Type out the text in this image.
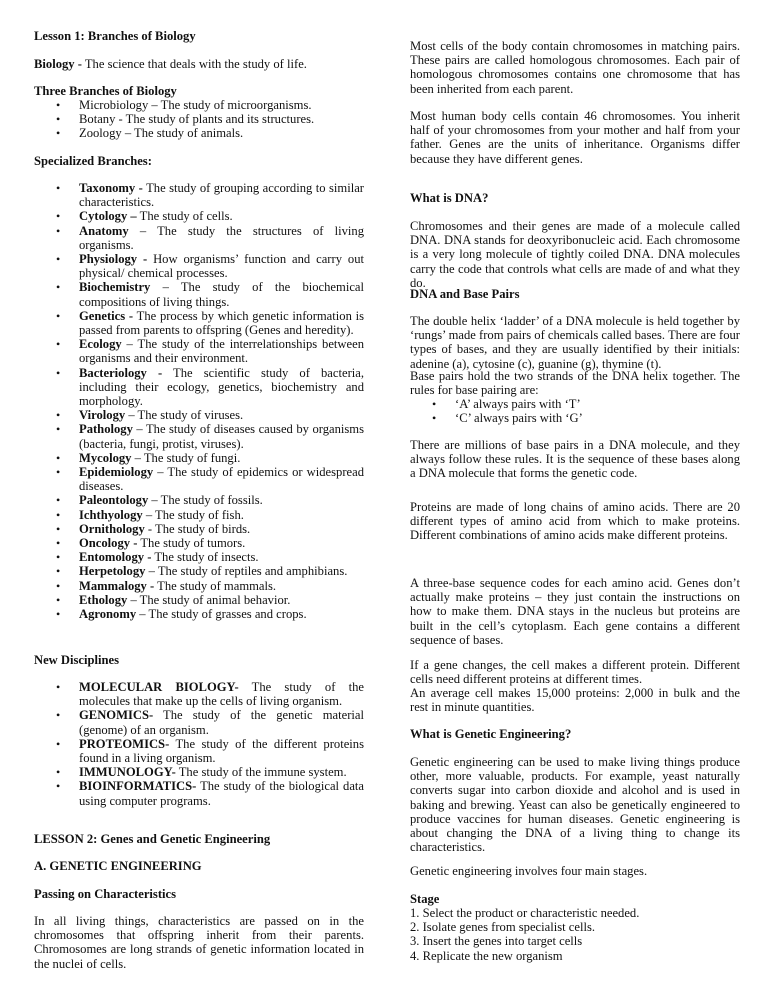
Lesson 1: Branches of Biology

Biology - The science that deals with the study of life.

Three Branches of Biology

• Microbiology – The study of microorganisms.
• Botany - The study of plants and its structures.
• Zoology – The study of animals.

Specialized Branches:

• Taxonomy - The study of grouping according to similar characteristics.
• Cytology – The study of cells.
• Anatomy – The study the structures of living organisms.
• Physiology - How organisms’ function and carry out physical/ chemical processes.
• Biochemistry – The study of the biochemical compositions of living things.
• Genetics - The process by which genetic information is passed from parents to offspring (Genes and heredity).
• Ecology – The study of the interrelationships between organisms and their environment.
• Bacteriology - The scientific study of bacteria, including their ecology, genetics, biochemistry and morphology.
• Virology – The study of viruses.
• Pathology – The study of diseases caused by organisms (bacteria, fungi, protist, viruses).
• Mycology – The study of fungi.
• Epidemiology – The study of epidemics or widespread diseases.
• Paleontology – The study of fossils.
• Ichthyology – The study of fish.
• Ornithology - The study of birds.
• Oncology - The study of tumors.
• Entomology - The study of insects.
• Herpetology – The study of reptiles and amphibians.
• Mammalogy - The study of mammals.
• Ethology – The study of animal behavior.
• Agronomy – The study of grasses and crops.

New Disciplines

• MOLECULAR BIOLOGY- The study of the molecules that make up the cells of living organism.
• GENOMICS- The study of the genetic material (genome) of an organism.
• PROTEOMICS- The study of the different proteins found in a living organism.
• IMMUNOLOGY- The study of the immune system.
• BIOINFORMATICS- The study of the biological data using computer programs.

LESSON 2: Genes and Genetic Engineering

A. GENETIC ENGINEERING

Passing on Characteristics

In all living things, characteristics are passed on in the chromosomes that offspring inherit from their parents. Chromosomes are long strands of genetic information located in the nuclei of cells.

Most cells of the body contain chromosomes in matching pairs. These pairs are called homologous chromosomes. Each pair of homologous chromosomes contains one chromosome that has been inherited from each parent.

Most human body cells contain 46 chromosomes. You inherit half of your chromosomes from your mother and half from your father. Genes are the units of inheritance. Organisms differ because they have different genes.

What is DNA?

Chromosomes and their genes are made of a molecule called DNA. DNA stands for deoxyribonucleic acid. Each chromosome is a very long molecule of tightly coiled DNA. DNA molecules carry the code that controls what cells are made of and what they do.

DNA and Base Pairs

The double helix ‘ladder’ of a DNA molecule is held together by ‘rungs’ made from pairs of chemicals called bases. There are four types of bases, and they are usually identified by their initials: adenine (a), cytosine (c), guanine (g), thymine (t).

Base pairs hold the two strands of the DNA helix together. The rules for base pairing are:

• ‘A’ always pairs with ‘T’
• ‘C’ always pairs with ‘G’

There are millions of base pairs in a DNA molecule, and they always follow these rules. It is the sequence of these bases along a DNA molecule that forms the genetic code.

Proteins are made of long chains of amino acids. There are 20 different types of amino acid from which to make proteins. Different combinations of amino acids make different proteins.

A three-base sequence codes for each amino acid. Genes don’t actually make proteins – they just contain the instructions on how to make them. DNA stays in the nucleus but proteins are built in the cell’s cytoplasm. Each gene contains a different sequence of bases.

If a gene changes, the cell makes a different protein. Different cells need different proteins at different times.

An average cell makes 15,000 proteins: 2,000 in bulk and the rest in minute quantities.

What is Genetic Engineering?

Genetic engineering can be used to make living things produce other, more valuable, products. For example, yeast naturally converts sugar into carbon dioxide and alcohol and is used in baking and brewing. Yeast can also be genetically engineered to produce vaccines for human diseases. Genetic engineering is about changing the DNA of a living thing to change its characteristics.

Genetic engineering involves four main stages.

Stage

1. Select the product or characteristic needed.
2. Isolate genes from specialist cells.
3. Insert the genes into target cells
4. Replicate the new organism
